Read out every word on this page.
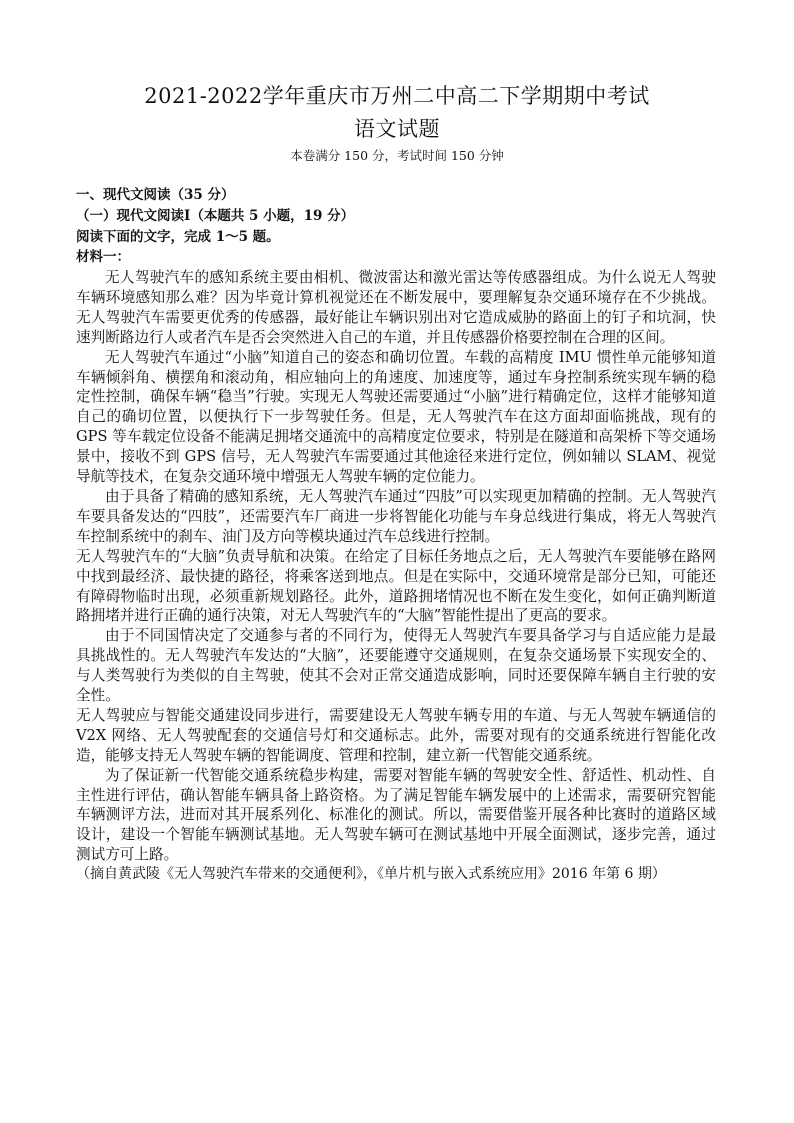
2021-2022学年重庆市万州二中高二下学期期中考试
语文试题
本卷满分 150 分，考试时间 150 分钟
一、现代文阅读（35 分）
（一）现代文阅读Ⅰ（本题共 5 小题，19 分）
阅读下面的文字，完成 1～5 题。
材料一：

无人驾驶汽车的感知系统主要由相机、微波雷达和激光雷达等传感器组成。为什么说无人驾驶车辆环境感知那么难？因为毕竟计算机视觉还在不断发展中，要理解复杂交通环境存在不少挑战。无人驾驶汽车需要更优秀的传感器，最好能让车辆识别出对它造成威胁的路面上的钉子和坑洞，快速判断路边行人或者汽车是否会突然进入自己的车道，并且传感器价格要控制在合理的区间。

无人驾驶汽车通过“小脑”知道自己的姿态和确切位置。车载的高精度 IMU 惯性单元能够知道车辆倾斜角、横摆角和滚动角，相应轴向上的角速度、加速度等，通过车身控制系统实现车辆的稳定性控制，确保车辆“稳当”行驶。实现无人驾驶还需要通过“小脑”进行精确定位，这样才能够知道自己的确切位置，以便执行下一步驾驶任务。但是，无人驾驶汽车在这方面却面临挑战，现有的 GPS 等车载定位设备不能满足拥堵交通流中的高精度定位要求，特别是在隧道和高架桥下等交通场景中，接收不到 GPS 信号，无人驾驶汽车需要通过其他途径来进行定位，例如辅以 SLAM、视觉导航等技术，在复杂交通环境中增强无人驾驶车辆的定位能力。

由于具备了精确的感知系统，无人驾驶汽车通过“四肢”可以实现更加精确的控制。无人驾驶汽车要具备发达的“四肢”，还需要汽车厂商进一步将智能化功能与车身总线进行集成，将无人驾驶汽车控制系统中的刹车、油门及方向等模块通过汽车总线进行控制。

无人驾驶汽车的“大脑”负责导航和决策。在给定了目标任务地点之后，无人驾驶汽车要能够在路网中找到最经济、最快捷的路径，将乘客送到地点。但是在实际中，交通环境常是部分已知，可能还有障碍物临时出现，必须重新规划路径。此外，道路拥堵情况也不断在发生变化，如何正确判断道路拥堵并进行正确的通行决策，对无人驾驶汽车的“大脑”智能性提出了更高的要求。

由于不同国情决定了交通参与者的不同行为，使得无人驾驶汽车要具备学习与自适应能力是最具挑战性的。无人驾驶汽车发达的“大脑”，还要能遵守交通规则，在复杂交通场景下实现安全的、与人类驾驶行为类似的自主驾驶，使其不会对正常交通造成影响，同时还要保障车辆自主行驶的安全性。

无人驾驶应与智能交通建设同步进行，需要建设无人驾驶车辆专用的车道、与无人驾驶车辆通信的 V2X 网络、无人驾驶配套的交通信号灯和交通标志。此外，需要对现有的交通系统进行智能化改造，能够支持无人驾驶车辆的智能调度、管理和控制，建立新一代智能交通系统。

为了保证新一代智能交通系统稳步构建，需要对智能车辆的驾驶安全性、舒适性、机动性、自主性进行评估，确认智能车辆具备上路资格。为了满足智能车辆发展中的上述需求，需要研究智能车辆测评方法，进而对其开展系列化、标准化的测试。所以，需要借鉴开展各种比赛时的道路区域设计，建设一个智能车辆测试基地。无人驾驶车辆可在测试基地中开展全面测试，逐步完善，通过测试方可上路。

（摘自黄武陵《无人驾驶汽车带来的交通便利》，《单片机与嵌入式系统应用》2016 年第 6 期）
